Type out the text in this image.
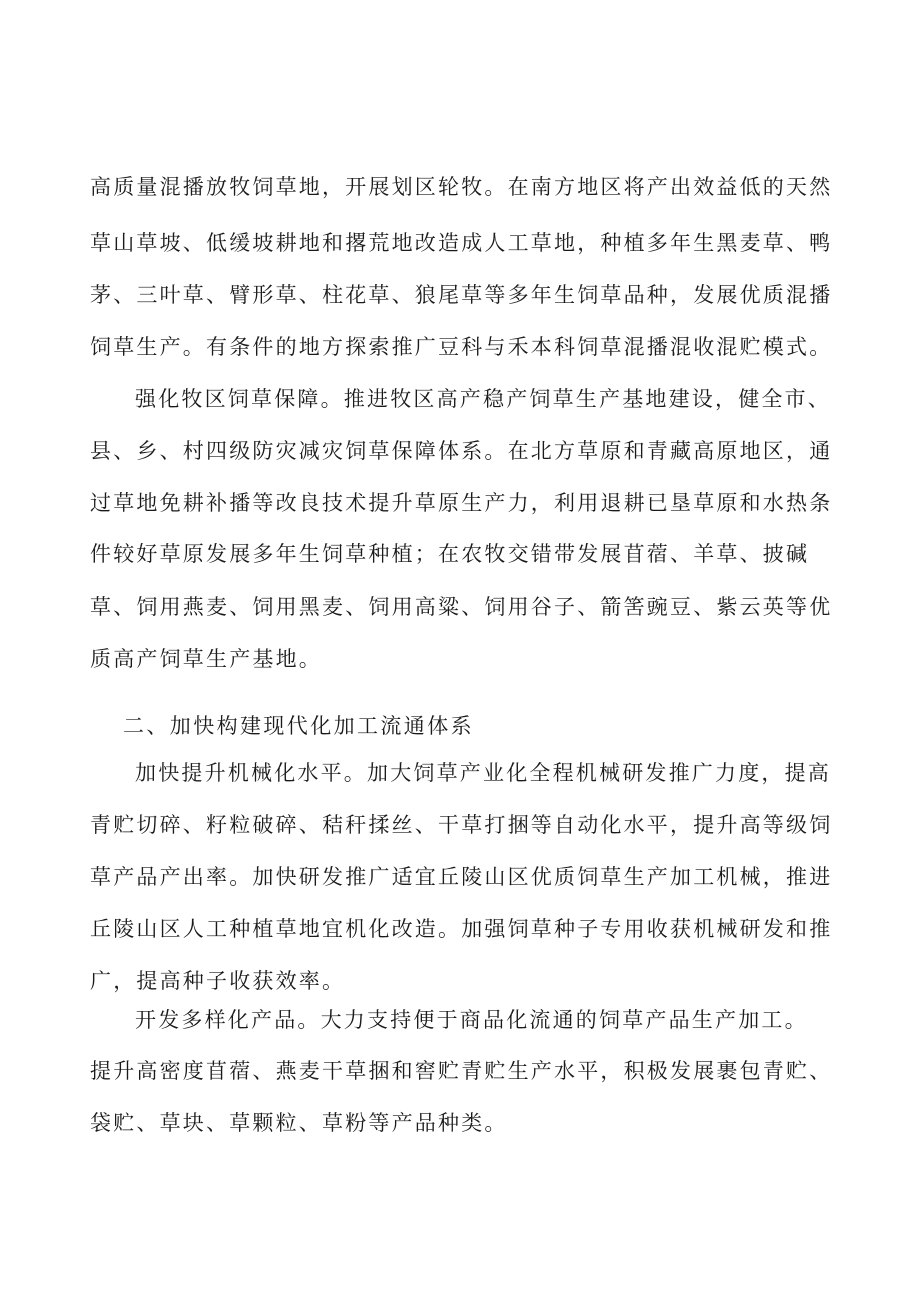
高质量混播放牧饲草地，开展划区轮牧。在南方地区将产出效益低的天然
草山草坡、低缓坡耕地和撂荒地改造成人工草地，种植多年生黑麦草、鸭
茅、三叶草、臂形草、柱花草、狼尾草等多年生饲草品种，发展优质混播
饲草生产。有条件的地方探索推广豆科与禾本科饲草混播混收混贮模式。
强化牧区饲草保障。推进牧区高产稳产饲草生产基地建设，健全市、
县、乡、村四级防灾减灾饲草保障体系。在北方草原和青藏高原地区，通
过草地免耕补播等改良技术提升草原生产力，利用退耕已垦草原和水热条
件较好草原发展多年生饲草种植；在农牧交错带发展苜蓿、羊草、披碱
草、饲用燕麦、饲用黑麦、饲用高粱、饲用谷子、箭筈豌豆、紫云英等优
质高产饲草生产基地。
二、加快构建现代化加工流通体系
加快提升机械化水平。加大饲草产业化全程机械研发推广力度，提高
青贮切碎、籽粒破碎、秸秆揉丝、干草打捆等自动化水平，提升高等级饲
草产品产出率。加快研发推广适宜丘陵山区优质饲草生产加工机械，推进
丘陵山区人工种植草地宜机化改造。加强饲草种子专用收获机械研发和推
广，提高种子收获效率。
开发多样化产品。大力支持便于商品化流通的饲草产品生产加工。
提升高密度苜蓿、燕麦干草捆和窖贮青贮生产水平，积极发展裹包青贮、
袋贮、草块、草颗粒、草粉等产品种类。
